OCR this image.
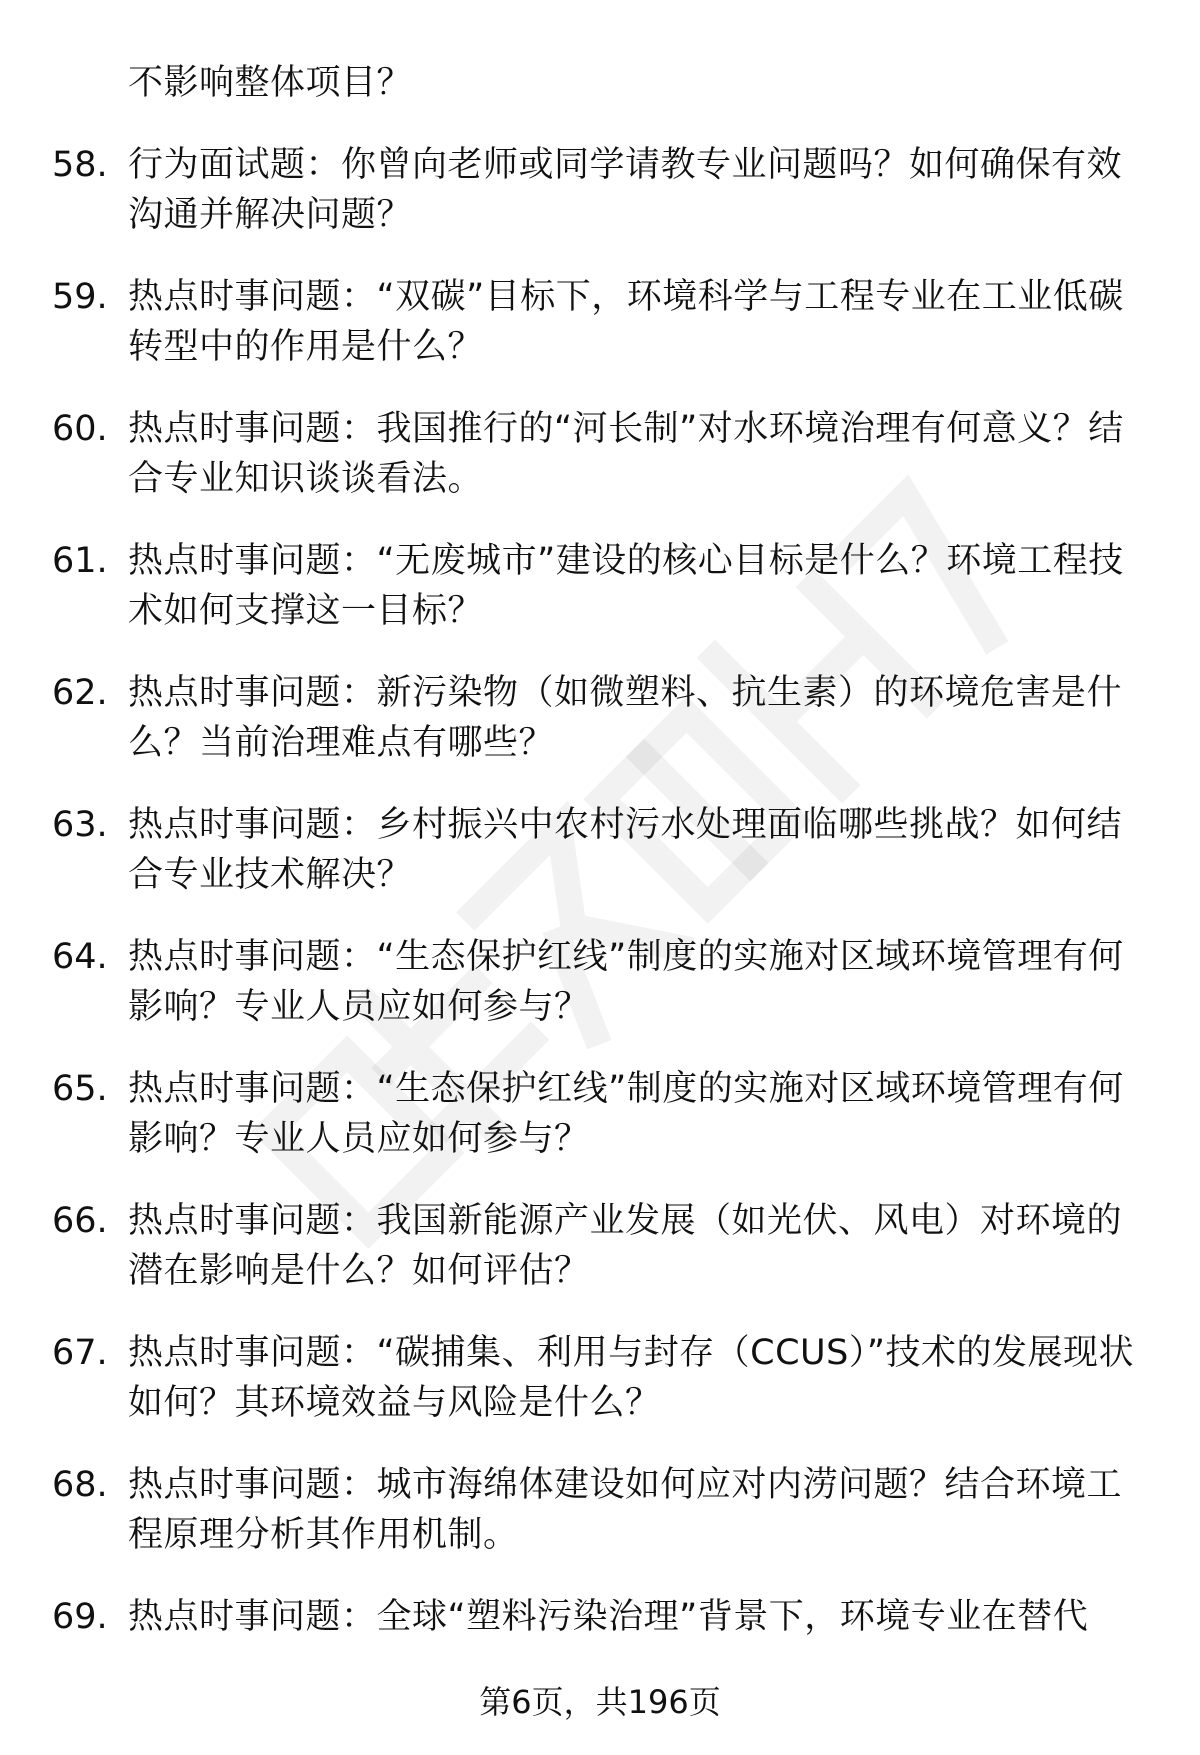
不影响整体项目？
58. 行为面试题：你曾向老师或同学请教专业问题吗？如何确保有效沟通并解决问题？
59. 热点时事问题：“双碳”目标下，环境科学与工程专业在工业低碳转型中的作用是什么？
60. 热点时事问题：我国推行的“河长制”对水环境治理有何意义？结合专业知识谈谈看法。
61. 热点时事问题：“无废城市”建设的核心目标是什么？环境工程技术如何支撑这一目标？
62. 热点时事问题：新污染物（如微塑料、抗生素）的环境危害是什么？当前治理难点有哪些？
63. 热点时事问题：乡村振兴中农村污水处理面临哪些挑战？如何结合专业技术解决？
64. 热点时事问题：“生态保护红线”制度的实施对区域环境管理有何影响？专业人员应如何参与？
65. 热点时事问题：“生态保护红线”制度的实施对区域环境管理有何影响？专业人员应如何参与？
66. 热点时事问题：我国新能源产业发展（如光伏、风电）对环境的潜在影响是什么？如何评估？
67. 热点时事问题：“碳捕集、利用与封存（CCUS）”技术的发展现状如何？其环境效益与风险是什么？
68. 热点时事问题：城市海绵体建设如何应对内涝问题？结合环境工程原理分析其作用机制。
69. 热点时事问题：全球“塑料污染治理”背景下，环境专业在替代
第6页，共196页
